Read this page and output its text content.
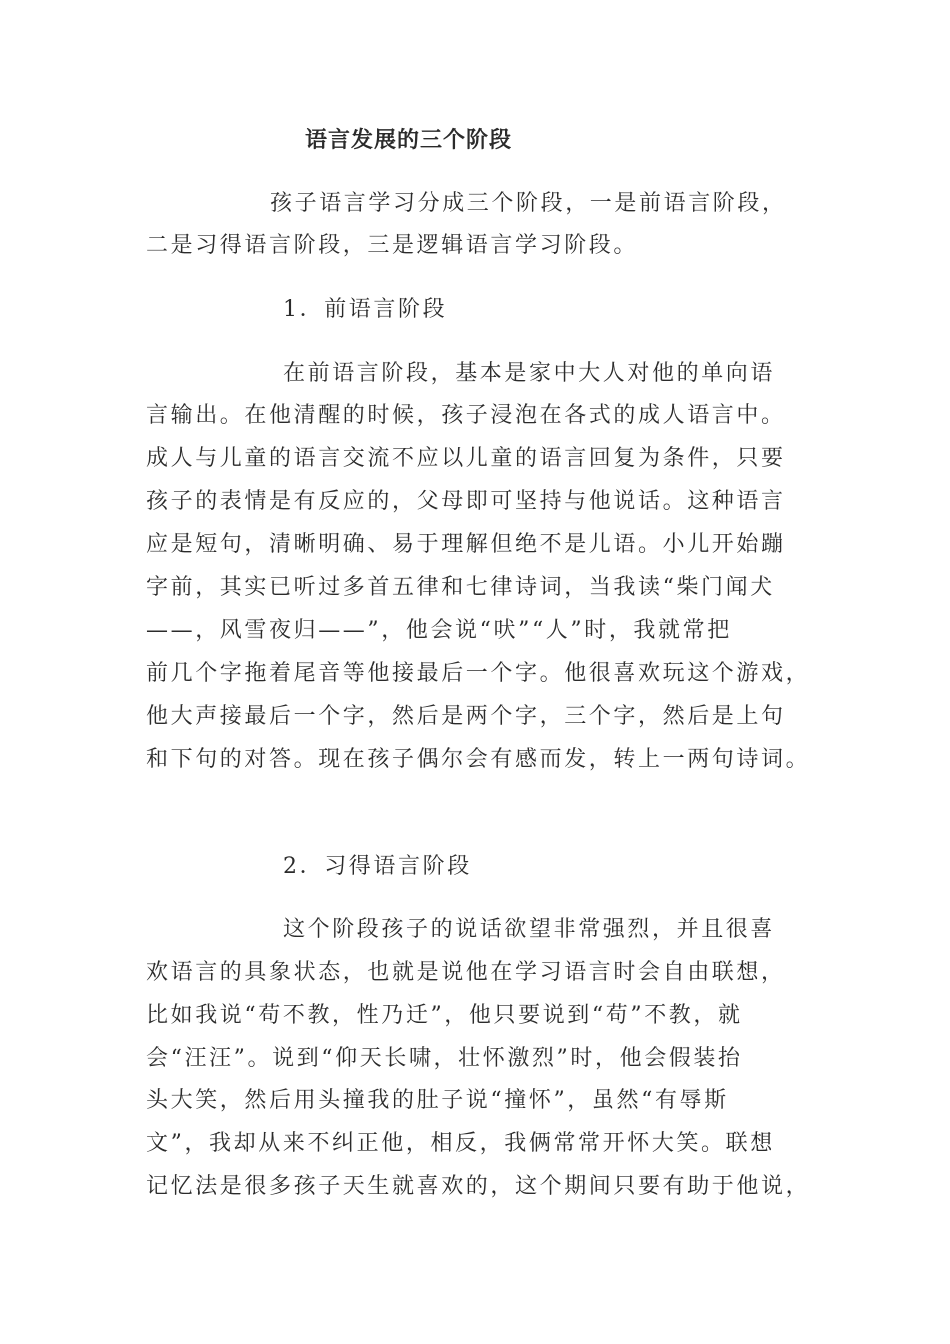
语言发展的三个阶段
孩子语言学习分成三个阶段，一是前语言阶段，
二是习得语言阶段，三是逻辑语言学习阶段。
1．前语言阶段
在前语言阶段，基本是家中大人对他的单向语
言输出。在他清醒的时候，孩子浸泡在各式的成人语言中。
成人与儿童的语言交流不应以儿童的语言回复为条件，只要
孩子的表情是有反应的，父母即可坚持与他说话。这种语言
应是短句，清晰明确、易于理解但绝不是儿语。小儿开始蹦
字前，其实已听过多首五律和七律诗词，当我读“柴门闻犬
——，风雪夜归——”，他会说“吠”“人”时，我就常把
前几个字拖着尾音等他接最后一个字。他很喜欢玩这个游戏，
他大声接最后一个字，然后是两个字，三个字，然后是上句
和下句的对答。现在孩子偶尔会有感而发，转上一两句诗词。
2．习得语言阶段
这个阶段孩子的说话欲望非常强烈，并且很喜
欢语言的具象状态，也就是说他在学习语言时会自由联想，
比如我说“苟不教，性乃迁”，他只要说到“苟”不教，就
会“汪汪”。说到“仰天长啸，壮怀激烈”时，他会假装抬
头大笑，然后用头撞我的肚子说“撞怀”，虽然“有辱斯
文”，我却从来不纠正他，相反，我俩常常开怀大笑。联想
记忆法是很多孩子天生就喜欢的，这个期间只要有助于他说，
